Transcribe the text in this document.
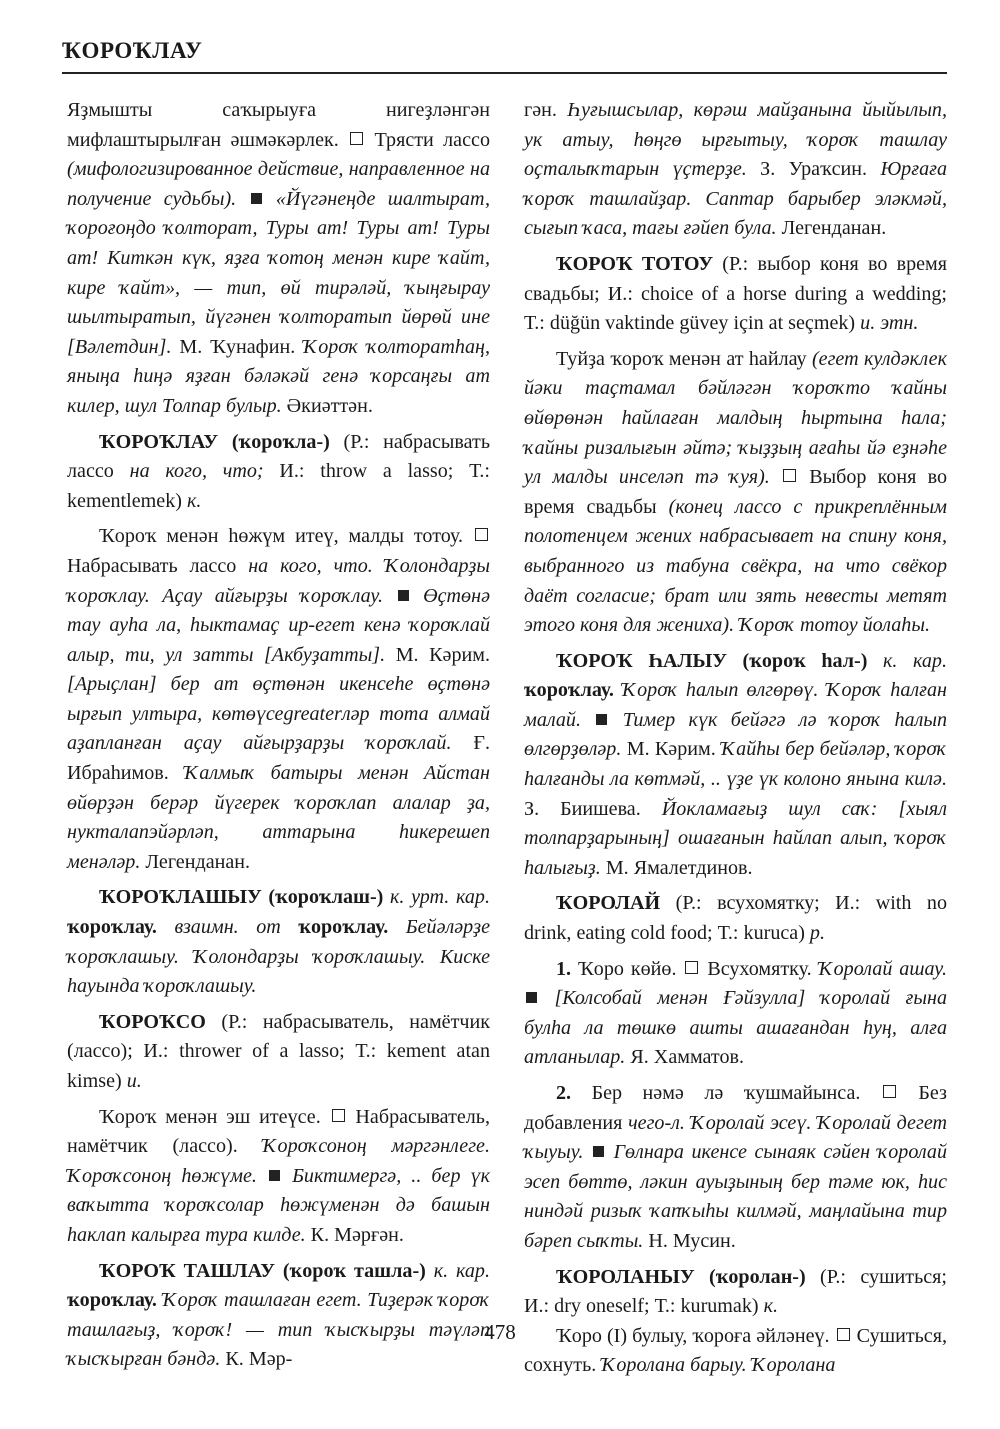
ҠОРОҠЛАУ

Яҙмышты саҡырыуға нигеҙләнгән мифлаштырылған әшмәкәрлек. Трясти лассо (мифологизированное действие, направленное на получение судьбы). «Йүгәнеңде шалтырат, ҡороғоңдо ҡолторат, Туры ат! Туры ат! Туры ат! Киткән күк, яҙға ҡотоң менән кире ҡайт, кире ҡайт», — тип, өй тирәләй, ҡыңғырау шылтыратып, йүгәнен ҡолторатып йөрөй ине [Вәлетдин]. М. Ҡунафин. Ҡороҡ ҡолторатһаң, яныңа һиңә яҙған бәләкәй генә ҡорсаңғы ат килер, шул Толпар булыр. Әкиәттән.

ҠОРОҠЛАУ (ҡороҡла-) (Р.: набрасывать лассо на кого, что; И.: throw a lasso; Т.: kementlemek) к.

Ҡороҡ менән һөжүм итеү, малды тотоу.  Набрасывать лассо на кого, что. Ҡолондарҙы ҡороҡлау. Аҫау айғырҙы ҡороҡлау. Өҫтөнә тау ауһа ла, һыктамаҫ ир-егет кенә ҡороҡлай алыр, ти, ул затты [Акбуҙатты]. М. Кәрим. [Арыҫлан] бер ат өҫтөнән икенсеһе өҫтөнә ырғып ултыра, көтөүсеgreaterләр тота алмай аҙапланған аҫау айғырҙарҙы ҡороҡлай. Ғ. Ибраһимов. Ҡалмыҡ батыры менән Айстан өйөрҙән берәр йүгерек ҡороҡлап алалар ҙа, нукталапэйәрләп, аттарына һикерешеп менәләр. Легенданан.

ҠОРОҠЛАШЫУ (ҡороҡлаш-) к. урт. кар. ҡороҡлау. взаимн. от ҡороҡлау. Бейәләрҙе ҡороҡлашыу. Ҡолондарҙы ҡороҡлашыу. Киске һауында ҡороҡлашыу.

ҠОРОҠСО (Р.: набрасыватель, намётчик (лассо); И.: thrower of a lasso; Т.: kement atan kimse) и.

Ҡороҡ менән эш итеүсе. Набрасыватель, намётчик (лассо). Ҡороҡсоноң мәргәнлеге. Ҡороҡсоноң һөжүме. Биктимергә, .. бер үк ваҡытта ҡороҡсолар һөжүменән дә башын һаклап калырға тура килде. К. Мәрғән.

ҠОРОҠ ТАШЛАУ (ҡороҡ ташла-) к. кар. ҡороҡлау. Ҡороҡ ташлаған егет. Тиҙерәк ҡороҡ ташлағыҙ, ҡороҡ! — тип ҡысҡырҙы тәүләп ҡысҡырған бәндә. К. Мәр-

гән. Һуғышсылар, көрәш майҙанына йыйылып, ук атыу, һөңгө ырғытыу, ҡороҡ ташлау оҫталыҡтарын үҫтерҙе. З. Ураҡсин. Юрғаға ҡороҡ ташлайҙар. Саптар барыбер эләкмәй, сығып ҡаса, тағы ғәйеп була. Легенданан.

ҠОРОҠ ТОТОУ (Р.: выбор коня во время свадьбы; И.: choice of a horse during a wedding; Т.: düğün vaktinde güvey için at seçmek) и. этн.

Туйҙа ҡороҡ менән ат һайлау (егет кулдәклек йәки таҫтамал бәйләгән ҡороҡто ҡайны өйөрөнән һайлаған малдың һыртына һала; ҡайны ризалығын әйтә; ҡыҙҙың ағаһы йә еҙнәһе ул малды инселәп тә ҡуя). Выбор коня во время свадьбы (конец лассо с прикреплённым полотенцем жених набрасывает на спину коня, выбранного из табуна свёкра, на что свёкор даёт согласие; брат или зять невесты метят этого коня для жениха). Ҡороҡ тотоу йолаһы.

ҠОРОҠ ҺАЛЫУ (ҡороҡ һал-) к. кар. ҡороҡлау. Ҡороҡ һалып өлгөрөү. Ҡороҡ һалған малай. Тимер күк бейәгә лә ҡороҡ һалып өлгөрҙөләр. М. Кәрим. Ҡайһы бер бейәләр, ҡороҡ һалғанды ла көтмәй, .. үҙе үк колоно янына килә. З. Биишева. Йокламағыҙ шул саҡ: [хыял толпарҙарының] ошағанын һайлап алып, ҡороҡ һалығыҙ. М. Ямалетдинов.

ҠОРОЛАЙ (Р.: всухомятку; И.: with no drink, eating cold food; Т.: kuruca) р.

1. Ҡоро көйө. Всухомятку. Ҡоролай ашау.  [Колсобай менән Ғәйзулла] ҡоролай ғына булһа ла төшкө ашты ашағандан һуң, алға атланылар. Я. Хамматов.

2. Бер нәмә лә ҡушмайынса.	Без добавления чего-л. Ҡоролай эсеү. Ҡоролай дегет ҡыуыу. Гөлнара икенсе сынаяк сәйен ҡоролай эсеп бөттө, ләкин ауыҙының бер тәме юк, һис ниндәй ризыҡ ҡапҡыһы килмәй, маңлайына тир бәреп сыҡты. Н. Мусин.

ҠОРОЛАНЫУ (ҡоролан-) (Р.: сушиться; И.: dry oneself; Т.: kurumak) к.

Ҡоро (I) булыу, ҡороға әйләнеү. Сушиться, сохнуть. Ҡоролана барыу. Ҡоролана

478
